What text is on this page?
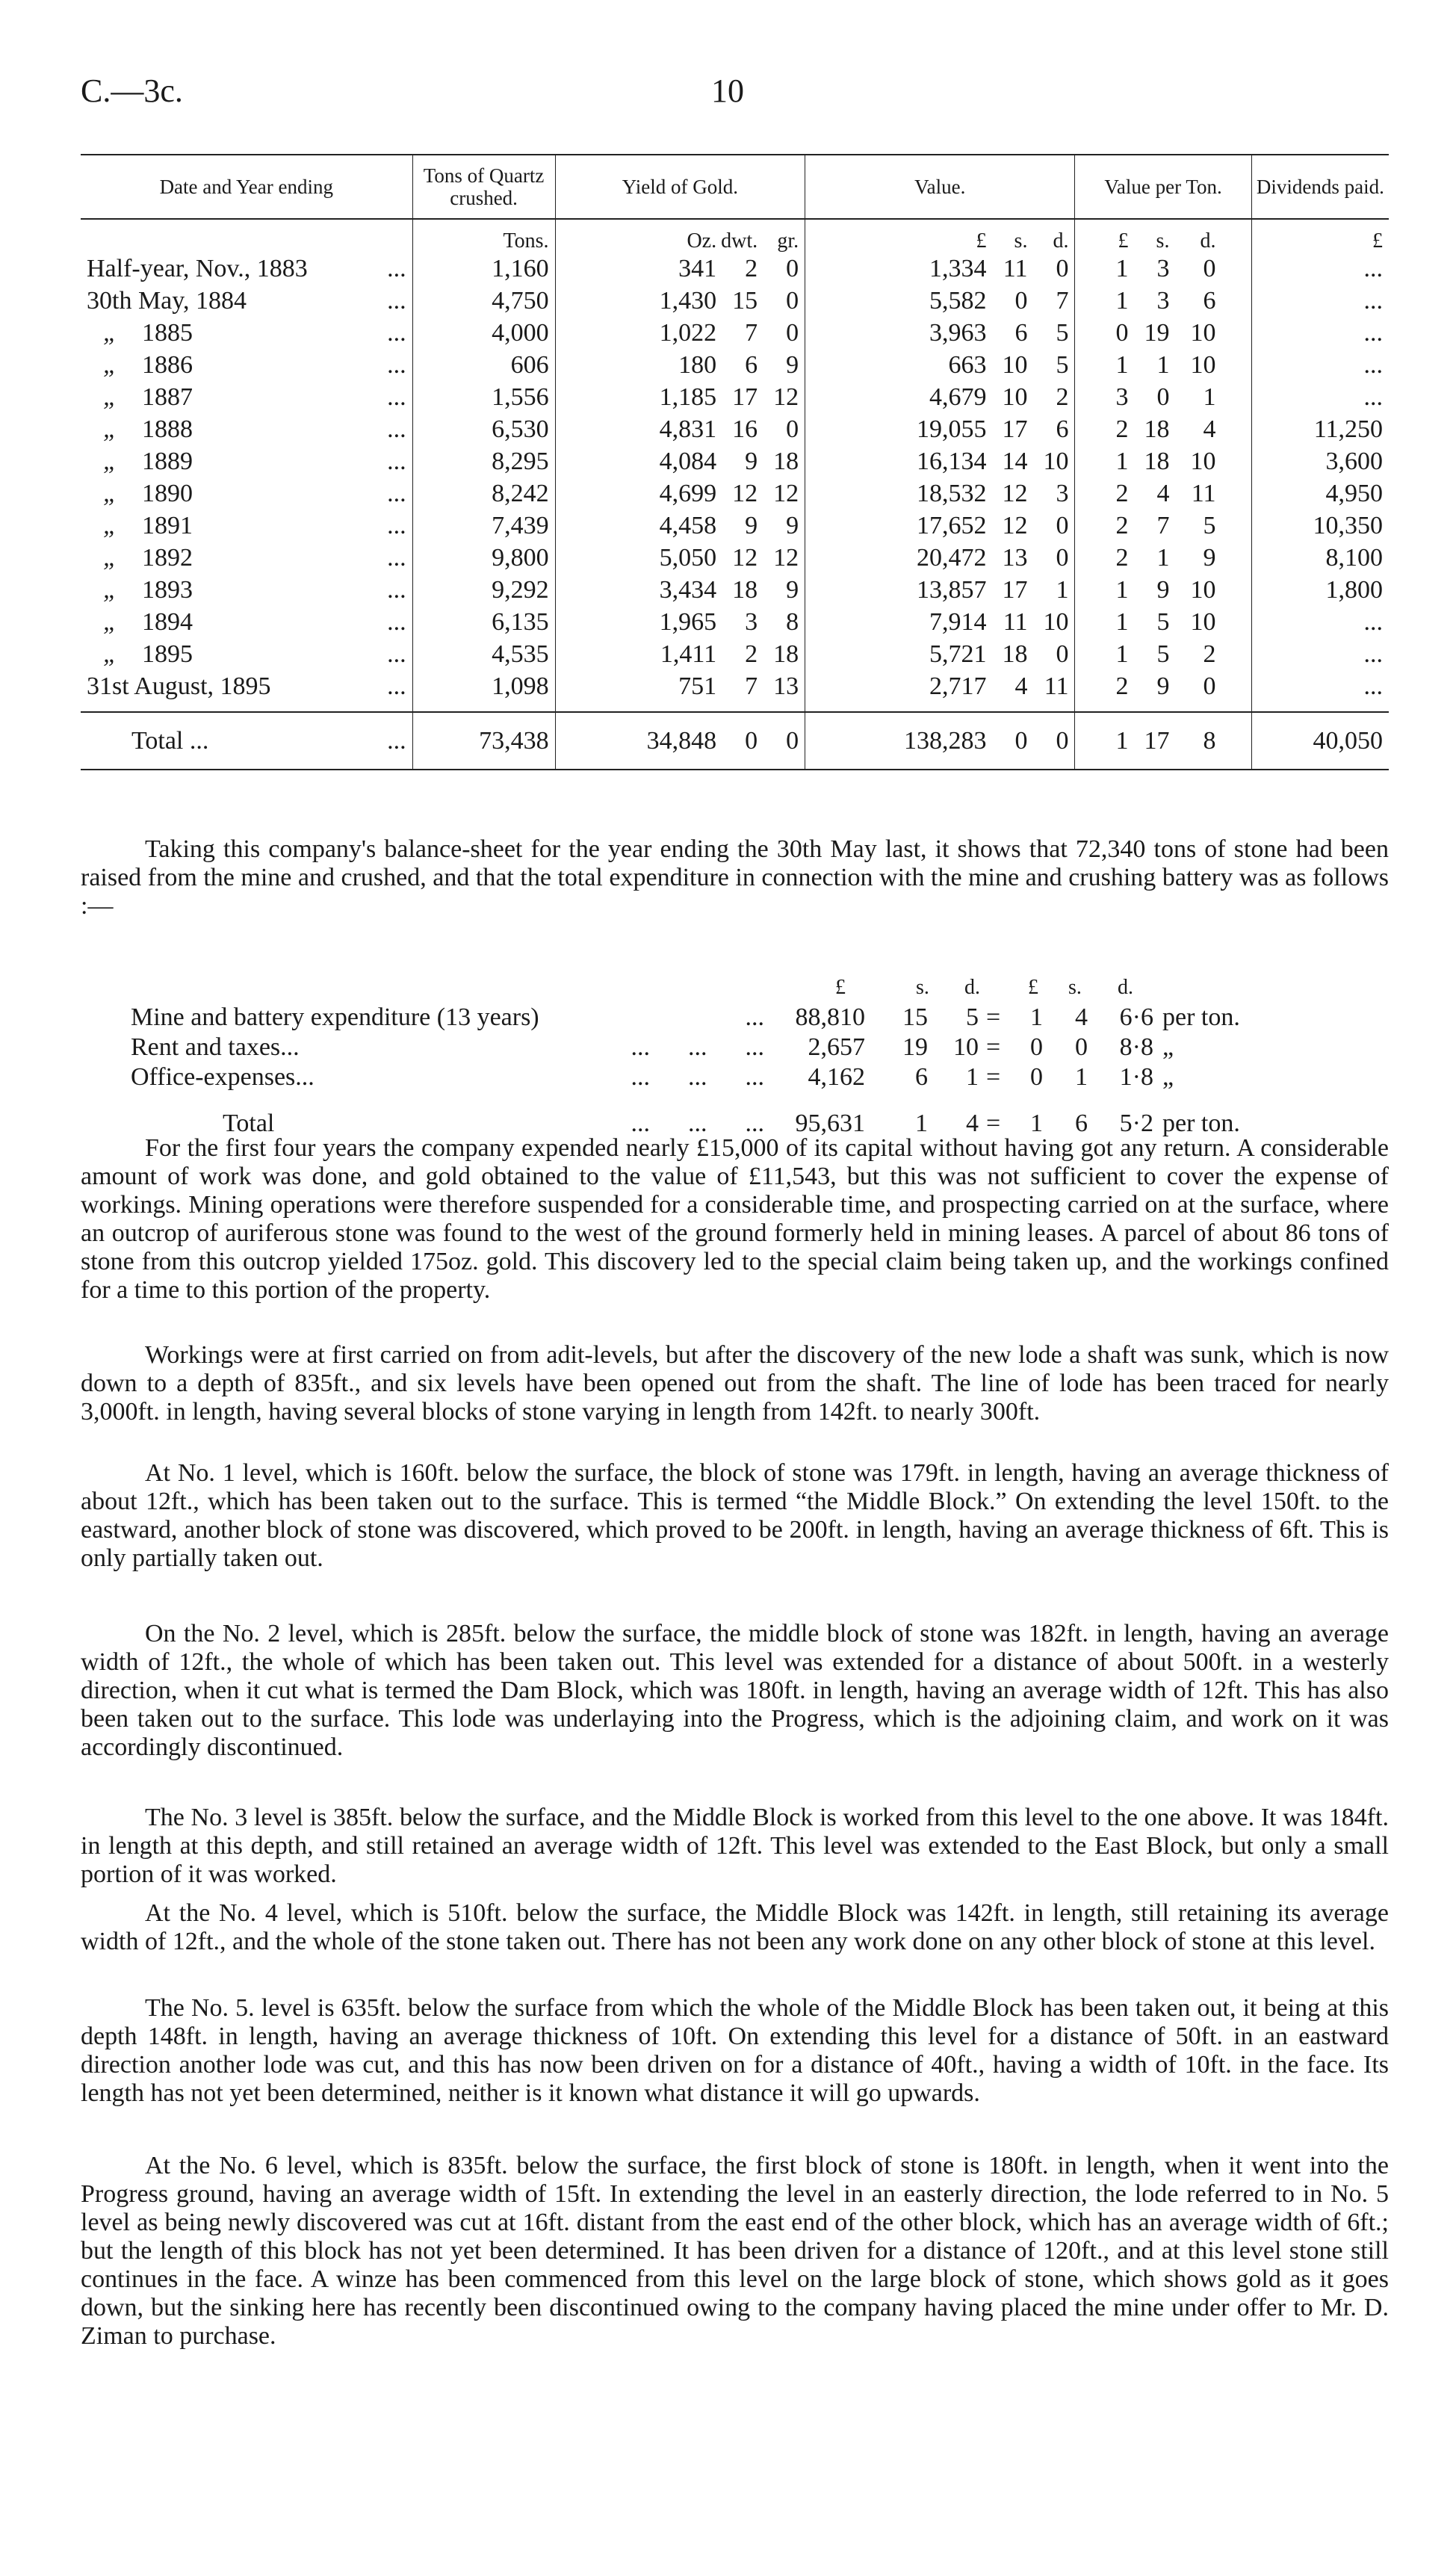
C.—3c.	10
Date and Year ending	Tons of Quartz crushed.	Yield of Gold.	Value.	Value per Ton.	Dividends paid.
	Tons.	Oz. dwt. gr.	£ s. d.	£ s. d.	£

Half-year, Nov., 1883 ...	1,160	341 2 0	1,334 11 0	1 3 0	...

30th May, 1884 ...	4,750	1,430 15 0	5,582 0 7	1 3 6	...

„ 1885 ...	4,000	1,022 7 0	3,963 6 5	0 19 10	...

„ 1886 ...	606	180 6 9	663 10 5	1 1 10	...

„ 1887 ...	1,556	1,185 17 12	4,679 10 2	3 0 1	...

„ 1888 ...	6,530	4,831 16 0	19,055 17 6	2 18 4	11,250

„ 1889 ...	8,295	4,084 9 18	16,134 14 10	1 18 10	3,600

„ 1890 ...	8,242	4,699 12 12	18,532 12 3	2 4 11	4,950

„ 1891 ...	7,439	4,458 9 9	17,652 12 0	2 7 5	10,350

„ 1892 ...	9,800	5,050 12 12	20,472 13 0	2 1 9	8,100

„ 1893 ...	9,292	3,434 18 9	13,857 17 1	1 9 10	1,800

„ 1894 ...	6,135	1,965 3 8	7,914 11 10	1 5 10	...

„ 1895 ...	4,535	1,411 2 18	5,721 18 0	1 5 2	...

31st August, 1895 ...	1,098	751 7 13	2,717 4 11	2 9 0	...

Total ... ...	73,438	34,848 0 0	138,283 0 0	1 17 8	40,050

Taking this company's balance-sheet for the year ending the 30th May last, it shows that 72,340 tons of stone had been raised from the mine and crushed, and that the total expenditure in connection with the mine and crushing battery was as follows :—

£	s. d. £ s. d.
Mine and battery expenditure (13 years)	...	88,810	15	5 =	1	4	6·6 per ton.
Rent and taxes...	...      ...      ...	2,657	19	10 =	0	0	8·8 „
Office-expenses...	...      ...      ...	4,162	6	1 =	0	1	1·8 „
Total	...      ...      ...	95,631	1	4 =	1	6	5·2 per ton.

For the first four years the company expended nearly £15,000 of its capital without having got any return. A considerable amount of work was done, and gold obtained to the value of £11,543, but this was not sufficient to cover the expense of workings. Mining operations were therefore suspended for a considerable time, and prospecting carried on at the surface, where an outcrop of auriferous stone was found to the west of the ground formerly held in mining leases. A parcel of about 86 tons of stone from this outcrop yielded 175oz. gold. This discovery led to the special claim being taken up, and the workings confined for a time to this portion of the property.

Workings were at first carried on from adit-levels, but after the discovery of the new lode a shaft was sunk, which is now down to a depth of 835ft., and six levels have been opened out from the shaft. The line of lode has been traced for nearly 3,000ft. in length, having several blocks of stone varying in length from 142ft. to nearly 300ft.

At No. 1 level, which is 160ft. below the surface, the block of stone was 179ft. in length, having an average thickness of about 12ft., which has been taken out to the surface. This is termed “the Middle Block.” On extending the level 150ft. to the eastward, another block of stone was discovered, which proved to be 200ft. in length, having an average thickness of 6ft. This is only partially taken out.

On the No. 2 level, which is 285ft. below the surface, the middle block of stone was 182ft. in length, having an average width of 12ft., the whole of which has been taken out. This level was extended for a distance of about 500ft. in a westerly direction, when it cut what is termed the Dam Block, which was 180ft. in length, having an average width of 12ft. This has also been taken out to the surface. This lode was underlaying into the Progress, which is the adjoining claim, and work on it was accordingly discontinued.

The No. 3 level is 385ft. below the surface, and the Middle Block is worked from this level to the one above. It was 184ft. in length at this depth, and still retained an average width of 12ft. This level was extended to the East Block, but only a small portion of it was worked.

At the No. 4 level, which is 510ft. below the surface, the Middle Block was 142ft. in length, still retaining its average width of 12ft., and the whole of the stone taken out. There has not been any work done on any other block of stone at this level.

The No. 5. level is 635ft. below the surface from which the whole of the Middle Block has been taken out, it being at this depth 148ft. in length, having an average thickness of 10ft. On extending this level for a distance of 50ft. in an eastward direction another lode was cut, and this has now been driven on for a distance of 40ft., having a width of 10ft. in the face. Its length has not yet been determined, neither is it known what distance it will go upwards.

At the No. 6 level, which is 835ft. below the surface, the first block of stone is 180ft. in length, when it went into the Progress ground, having an average width of 15ft. In extending the level in an easterly direction, the lode referred to in No. 5 level as being newly discovered was cut at 16ft. distant from the east end of the other block, which has an average width of 6ft.; but the length of this block has not yet been determined. It has been driven for a distance of 120ft., and at this level stone still continues in the face. A winze has been commenced from this level on the large block of stone, which shows gold as it goes down, but the sinking here has recently been discontinued owing to the company having placed the mine under offer to Mr. D. Ziman to purchase.
